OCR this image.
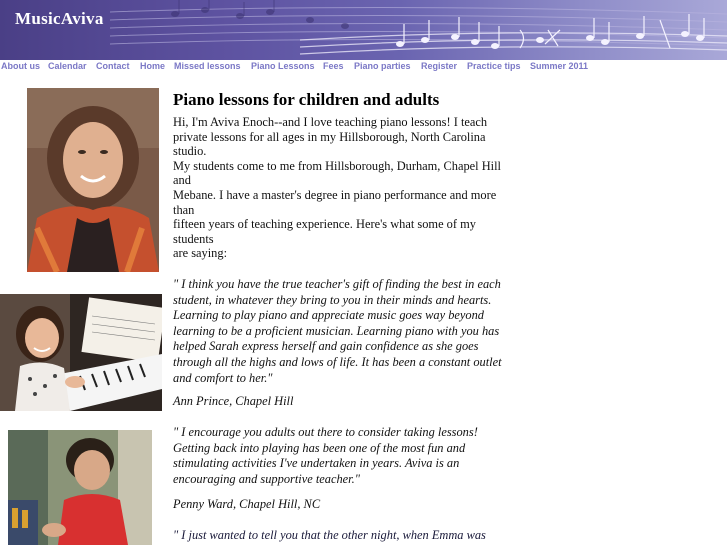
MusicAviva
About us Calendar Contact Home Missed lessons Piano Lessons Fees Piano parties Register Practice tips Summer 2011
Piano lessons for children and adults
Hi, I'm Aviva Enoch--and I love teaching piano lessons! I teach
private lessons for all ages in my Hillsborough, North Carolina
studio.
My students come to me from Hillsborough, Durham, Chapel Hill
and
Mebane. I have a master's degree in piano performance and more
than
fifteen years of teaching experience. Here's what some of my
students
are saying:
" I think you have the true teacher's gift of finding the best in each
student, in whatever they bring to you in their minds and hearts.
Learning to play piano and appreciate music goes way beyond
learning to be a proficient musician. Learning piano with you has
helped Sarah express herself and gain confidence as she goes
through all the highs and lows of life. It has been a constant outlet
and comfort to her."
Ann Prince, Chapel Hill
" I encourage you adults out there to consider taking lessons!
Getting back into playing has been one of the most fun and
stimulating activities I've undertaken in years. Aviva is an
encouraging and supportive teacher."
Penny Ward, Chapel Hill, NC
" I just wanted to tell you that the other night, when Emma was
